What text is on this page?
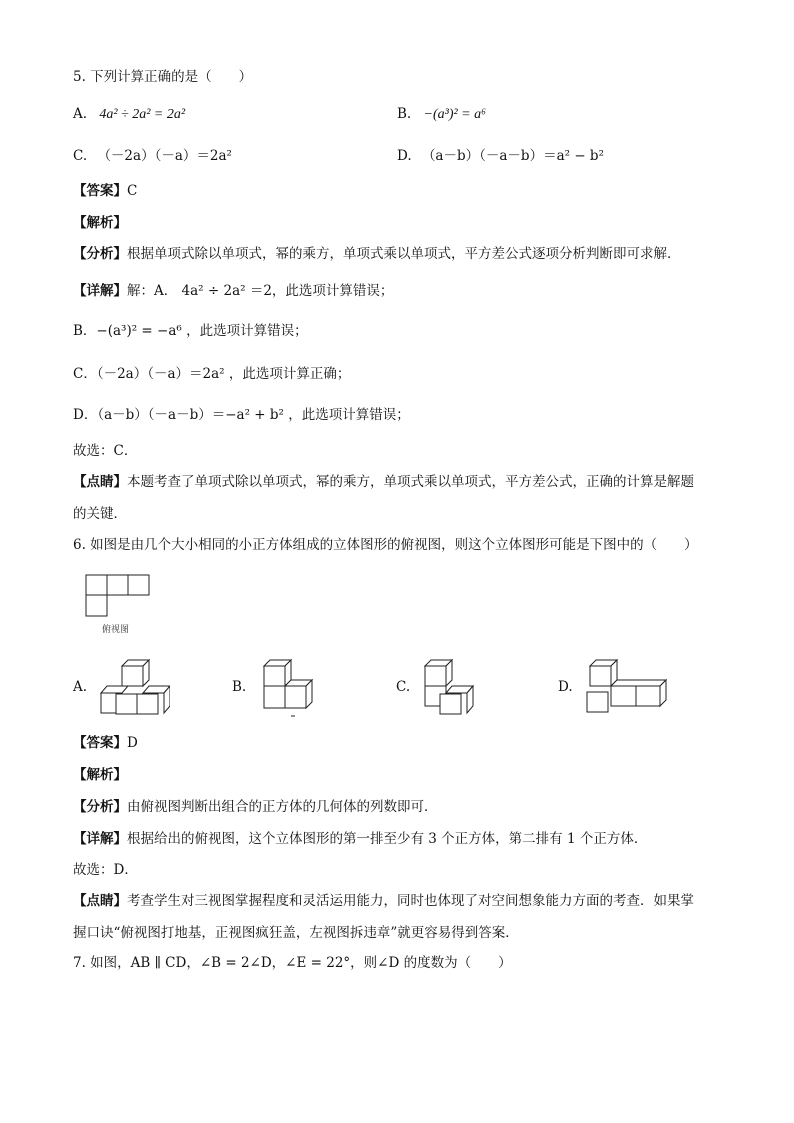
5. 下列计算正确的是（　　）
A. 4a² ÷ 2a² = 2a²	B. −(a³)² = a⁶
C. （－2a）（－a）＝2a²	D. （a－b）（－a－b）＝a² − b²
【答案】C
【解析】
【分析】根据单项式除以单项式，幂的乘方，单项式乘以单项式，平方差公式逐项分析判断即可求解．
【详解】解：A． 4a² ÷ 2a² ＝2，此选项计算错误；
B．−(a³)² = −a⁶ ，此选项计算错误；
C．（－2a）（－a）＝2a² ，此选项计算正确；
D．（a－b）（－a－b）＝−a² + b² ，此选项计算错误；
故选：C．
【点睛】本题考查了单项式除以单项式，幂的乘方，单项式乘以单项式，平方差公式，正确的计算是解题
的关键．
6. 如图是由几个大小相同的小正方体组成的立体图形的俯视图，则这个立体图形可能是下图中的（　　）
俯视图
A.	B.	C.	D.
【答案】D
【解析】
【分析】由俯视图判断出组合的正方体的几何体的列数即可．
【详解】根据给出的俯视图，这个立体图形的第一排至少有 3 个正方体，第二排有 1 个正方体．
故选：D．
【点睛】考查学生对三视图掌握程度和灵活运用能力，同时也体现了对空间想象能力方面的考查．如果掌
握口诀“俯视图打地基，正视图疯狂盖，左视图拆违章”就更容易得到答案．
7. 如图，AB ∥ CD，∠B = 2∠D，∠E = 22°，则∠D 的度数为（　　）
